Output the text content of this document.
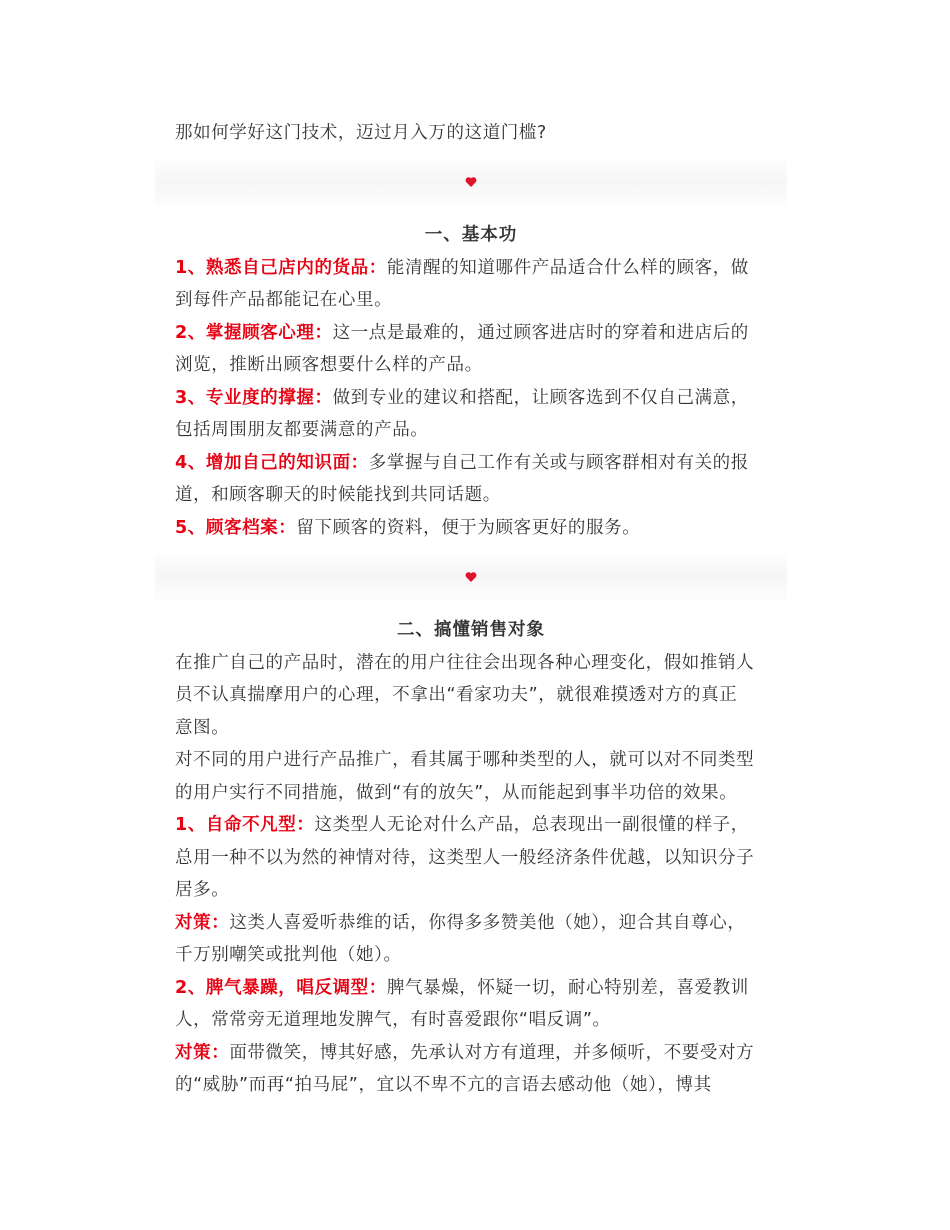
那如何学好这门技术，迈过月入万的这道门槛?
一、基本功
1、熟悉自己店内的货品：能清醒的知道哪件产品适合什么样的顾客，做
到每件产品都能记在心里。
2、掌握顾客心理：这一点是最难的，通过顾客进店时的穿着和进店后的
浏览，推断出顾客想要什么样的产品。
3、专业度的撑握：做到专业的建议和搭配，让顾客选到不仅自己满意，
包括周围朋友都要满意的产品。
4、增加自己的知识面：多掌握与自己工作有关或与顾客群相对有关的报
道，和顾客聊天的时候能找到共同话题。
5、顾客档案：留下顾客的资料，便于为顾客更好的服务。
二、搞懂销售对象
在推广自己的产品时，潜在的用户往往会出现各种心理变化，假如推销人
员不认真揣摩用户的心理，不拿出“看家功夫”，就很难摸透对方的真正
意图。
对不同的用户进行产品推广，看其属于哪种类型的人，就可以对不同类型
的用户实行不同措施，做到“有的放矢”，从而能起到事半功倍的效果。
1、自命不凡型：这类型人无论对什么产品，总表现出一副很懂的样子，
总用一种不以为然的神情对待，这类型人一般经济条件优越，以知识分子
居多。
对策：这类人喜爱听恭维的话，你得多多赞美他（她），迎合其自尊心，
千万别嘲笑或批判他（她）。
2、脾气暴躁，唱反调型：脾气暴燥，怀疑一切，耐心特别差，喜爱教训
人，常常旁无道理地发脾气，有时喜爱跟你“唱反调”。
对策：面带微笑，博其好感，先承认对方有道理，并多倾听，不要受对方
的“威胁”而再“拍马屁”，宜以不卑不亢的言语去感动他（她），博其
